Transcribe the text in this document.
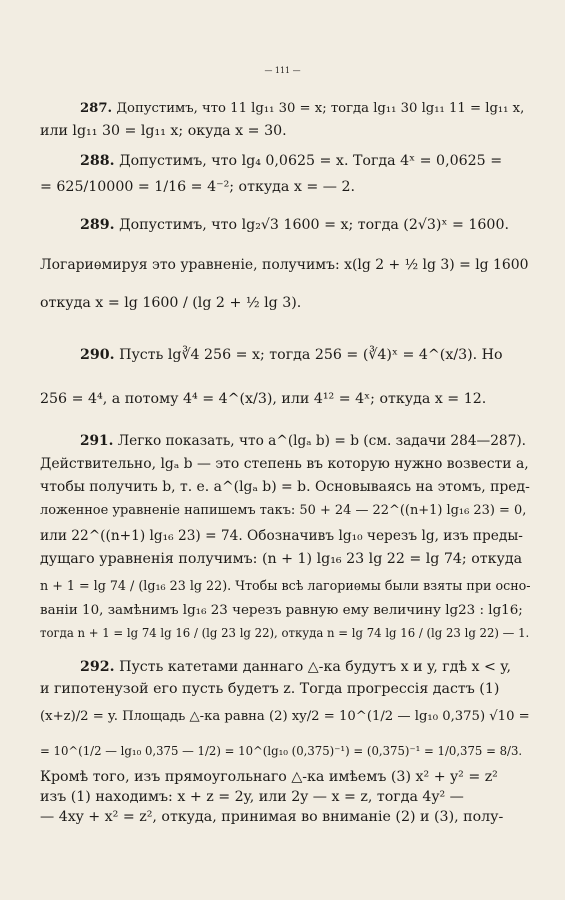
— 111 —
287. Допустимъ, что 11 lg₁₁ 30 = x; тогда lg₁₁ 30 lg₁₁ 11 = lg₁₁ x,
или lg₁₁ 30 = lg₁₁ x; окуда x = 30.
288. Допустимъ, что lg₄ 0,0625 = x. Тогда 4ˣ = 0,0625 =
= 625/10000 = 1/16 = 4⁻²; откуда x = — 2.
289. Допустимъ, что lg₂√3 1600 = x; тогда (2√3)ˣ = 1600.
Логариѳмируя это уравненіе, получимъ: x(lg 2 + ½ lg 3) = lg 1600
откуда x = lg 1600 / (lg 2 + ½ lg 3).
290. Пусть lg∛4 256 = x; тогда 256 = (∛4)ˣ = 4^(x/3). Но
256 = 4⁴, а потому 4⁴ = 4^(x/3), или 4¹² = 4ˣ; откуда x = 12.
291. Легко показать, что a^(lgₐ b) = b (см. задачи 284—287).
Действительно, lgₐ b — это степень въ которую нужно возвести a,
чтобы получить b, т. е. a^(lgₐ b) = b. Основываясь на этомъ, пред-
ложенное уравненіе напишемъ такъ: 50 + 24 — 22^((n+1) lg₁₆ 23) = 0,
или 22^((n+1) lg₁₆ 23) = 74. Обозначивъ lg₁₀ черезъ lg, изъ преды-
дущаго уравненія получимъ: (n + 1) lg₁₆ 23 lg 22 = lg 74; откуда
n + 1 = lg 74 / (lg₁₆ 23 lg 22). Чтобы всѣ лагориѳмы были взяты при осно-
ваніи 10, замѣнимъ lg₁₆ 23 черезъ равную ему величину lg23 : lg16;
тогда n + 1 = lg 74 lg 16 / (lg 23 lg 22), откуда n = lg 74 lg 16 / (lg 23 lg 22) — 1.
292. Пусть катетами даннаго △-ка будутъ x и y, гдѣ x < y,
и гипотенузой его пусть будетъ z. Тогда прогрессія дастъ (1)
(x+z)/2 = y. Площадь △-ка равна (2) xy/2 = 10^(1/2 — lg₁₀ 0,375) √10 =
= 10^(1/2 — lg₁₀ 0,375 — 1/2) = 10^(lg₁₀ (0,375)⁻¹) = (0,375)⁻¹ = 1/0,375 = 8/3.
Кромѣ того, изъ прямоугольнаго △-ка имѣемъ (3) x² + y² = z²
изъ (1) находимъ: x + z = 2y, или 2y — x = z, тогда 4y² —
— 4xy + x² = z², откуда, принимая во вниманіе (2) и (3), полу-
